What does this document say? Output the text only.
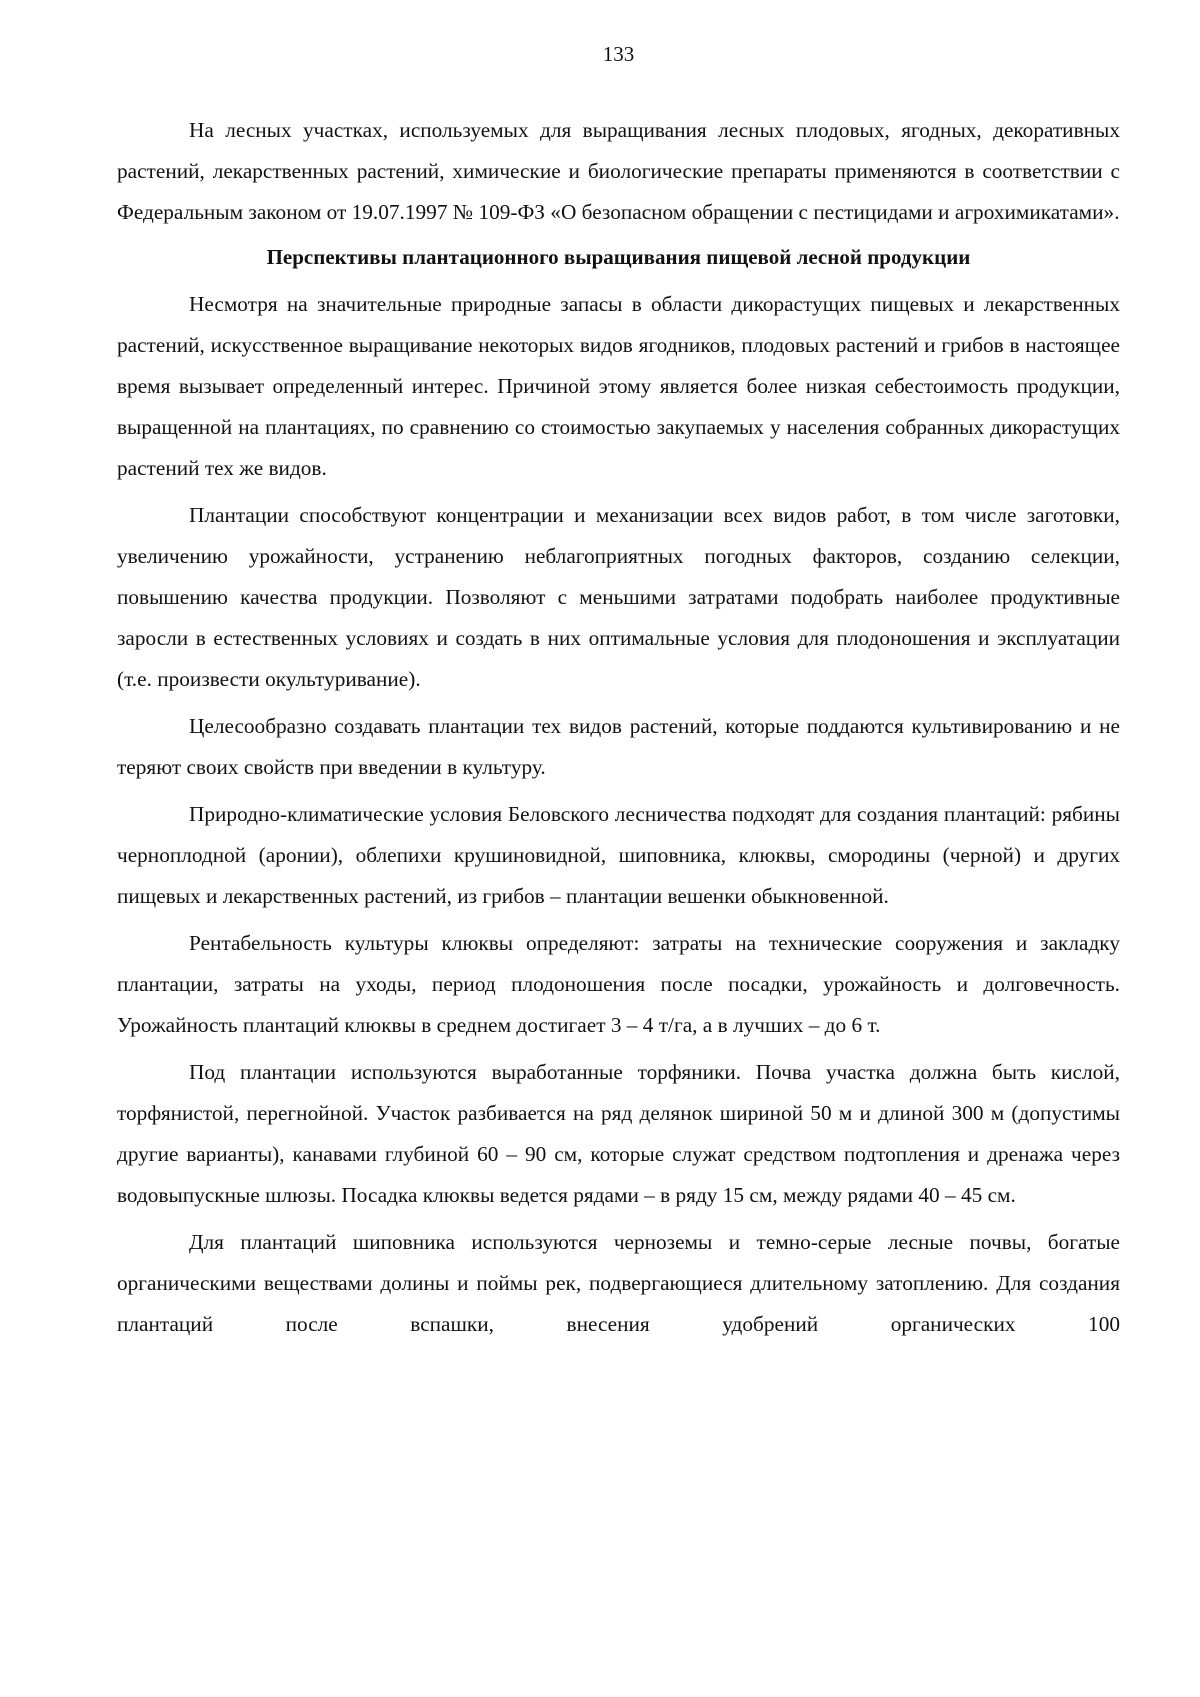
133

На лесных участках, используемых для выращивания лесных плодовых, ягодных, декоративных растений, лекарственных растений, химические и биологические препараты применяются в соответствии с Федеральным законом от 19.07.1997 № 109-ФЗ «О безопасном обращении с пестицидами и агрохимикатами».

Перспективы плантационного выращивания пищевой лесной продукции

Несмотря на значительные природные запасы в области дикорастущих пищевых и лекарственных растений, искусственное выращивание некоторых видов ягодников, плодовых растений и грибов в настоящее время вызывает определенный интерес. Причиной этому является более низкая себестоимость продукции, выращенной на плантациях, по сравнению со стоимостью закупаемых у населения собранных дикорастущих растений тех же видов.

Плантации способствуют концентрации и механизации всех видов работ, в том числе заготовки, увеличению урожайности, устранению неблагоприятных погодных факторов, созданию селекции, повышению качества продукции. Позволяют с меньшими затратами подобрать наиболее продуктивные заросли в естественных условиях и создать в них оптимальные условия для плодоношения и эксплуатации (т.е. произвести окультуривание).

Целесообразно создавать плантации тех видов растений, которые поддаются культивированию и не теряют своих свойств при введении в культуру.

Природно-климатические условия Беловского лесничества подходят для создания плантаций: рябины черноплодной (аронии), облепихи крушиновидной, шиповника, клюквы, смородины (черной) и других пищевых и лекарственных растений, из грибов – плантации вешенки обыкновенной.

Рентабельность культуры клюквы определяют: затраты на технические сооружения и закладку плантации, затраты на уходы, период плодоношения после посадки, урожайность и долговечность. Урожайность плантаций клюквы в среднем достигает 3 – 4 т/га, а в лучших – до 6 т.

Под плантации используются выработанные торфяники. Почва участка должна быть кислой, торфянистой, перегнойной. Участок разбивается на ряд делянок шириной 50 м и длиной 300 м (допустимы другие варианты), канавами глубиной 60 – 90 см, которые служат средством подтопления и дренажа через водовыпускные шлюзы. Посадка клюквы ведется рядами – в ряду 15 см, между рядами 40 – 45 см.

Для плантаций шиповника используются черноземы и темно-серые лесные почвы, богатые органическими веществами долины и поймы рек, подвергающиеся длительному затоплению. Для создания плантаций после вспашки, внесения удобрений органических 100
